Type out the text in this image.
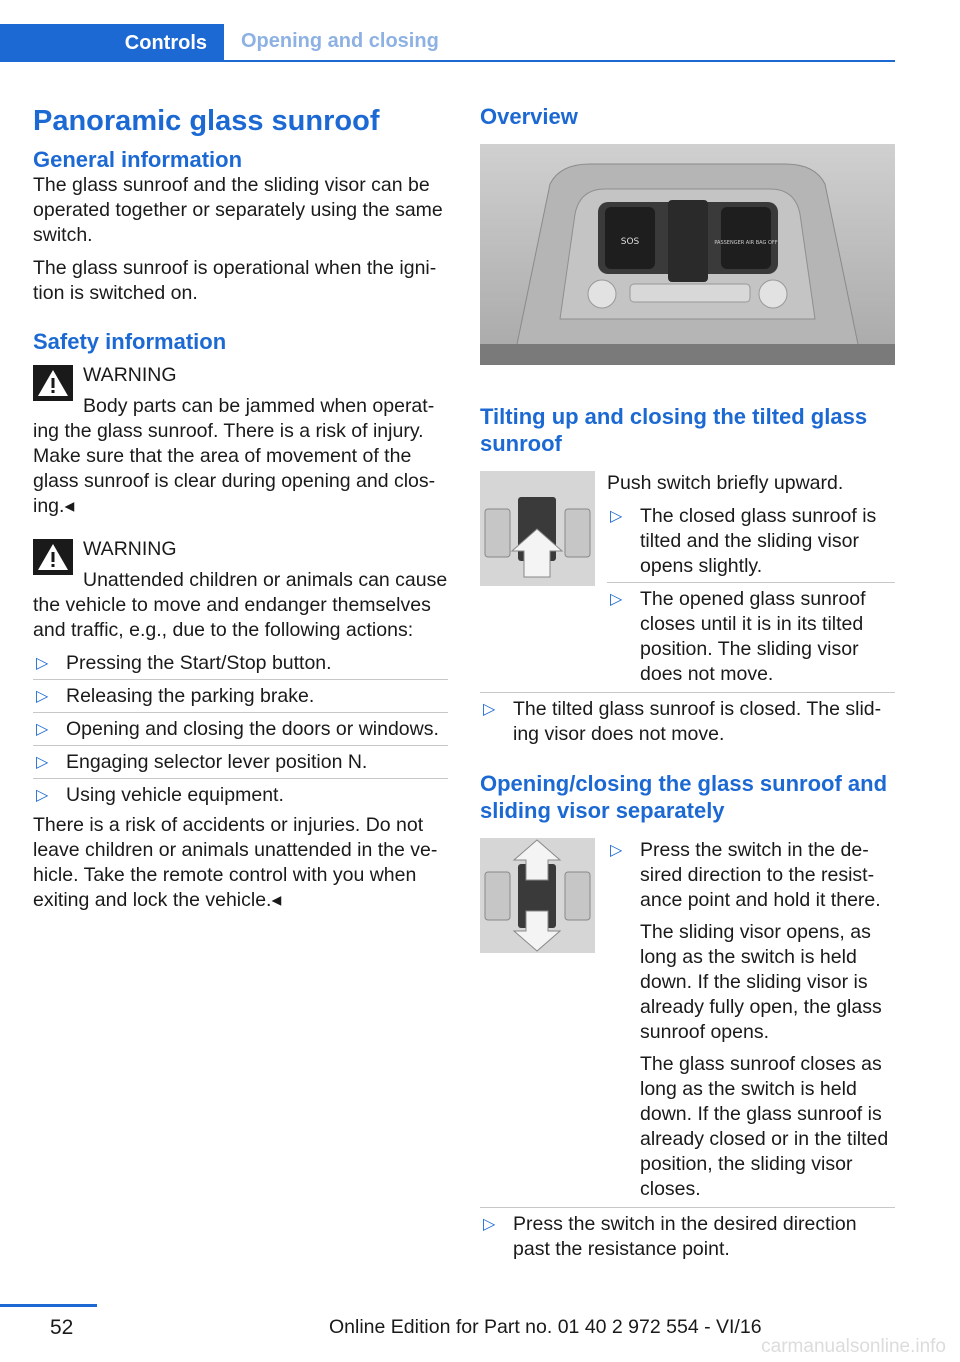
Controls	Opening and closing
Panoramic glass sunroof
General information

The glass sunroof and the sliding visor can be operated together or separately using the same switch.

The glass sunroof is operational when the ignition is switched on.

Safety information
WARNING
Body parts can be jammed when operating the glass sunroof. There is a risk of injury. Make sure that the area of movement of the glass sunroof is clear during opening and closing.◂
WARNING
Unattended children or animals can cause the vehicle to move and endanger themselves and traffic, e.g., due to the following actions:
▷ Pressing the Start/Stop button.
▷ Releasing the parking brake.
▷ Opening and closing the doors or windows.
▷ Engaging selector lever position N.
▷ Using vehicle equipment.

There is a risk of accidents or injuries. Do not leave children or animals unattended in the vehicle. Take the remote control with you when exiting and lock the vehicle.◂

Overview
SOS	PASSENGER AIR BAG OFF
Tilting up and closing the tilted glass sunroof

Push switch briefly upward.

▷ The closed glass sunroof is tilted and the sliding visor opens slightly.
▷ The opened glass sunroof closes until it is in its tilted position. The sliding visor does not move.
▷ The tilted glass sunroof is closed. The sliding visor does not move.
Opening/closing the glass sunroof and sliding visor separately
▷ Press the switch in the desired direction to the resistance point and hold it there.
The sliding visor opens, as long as the switch is held down. If the sliding visor is already fully open, the glass sunroof opens.
The glass sunroof closes as long as the switch is held down. If the glass sunroof is already closed or in the tilted position, the sliding visor closes.
▷ Press the switch in the desired direction past the resistance point.
52	Online Edition for Part no. 01 40 2 972 554 - VI/16
carmanualsonline.info
